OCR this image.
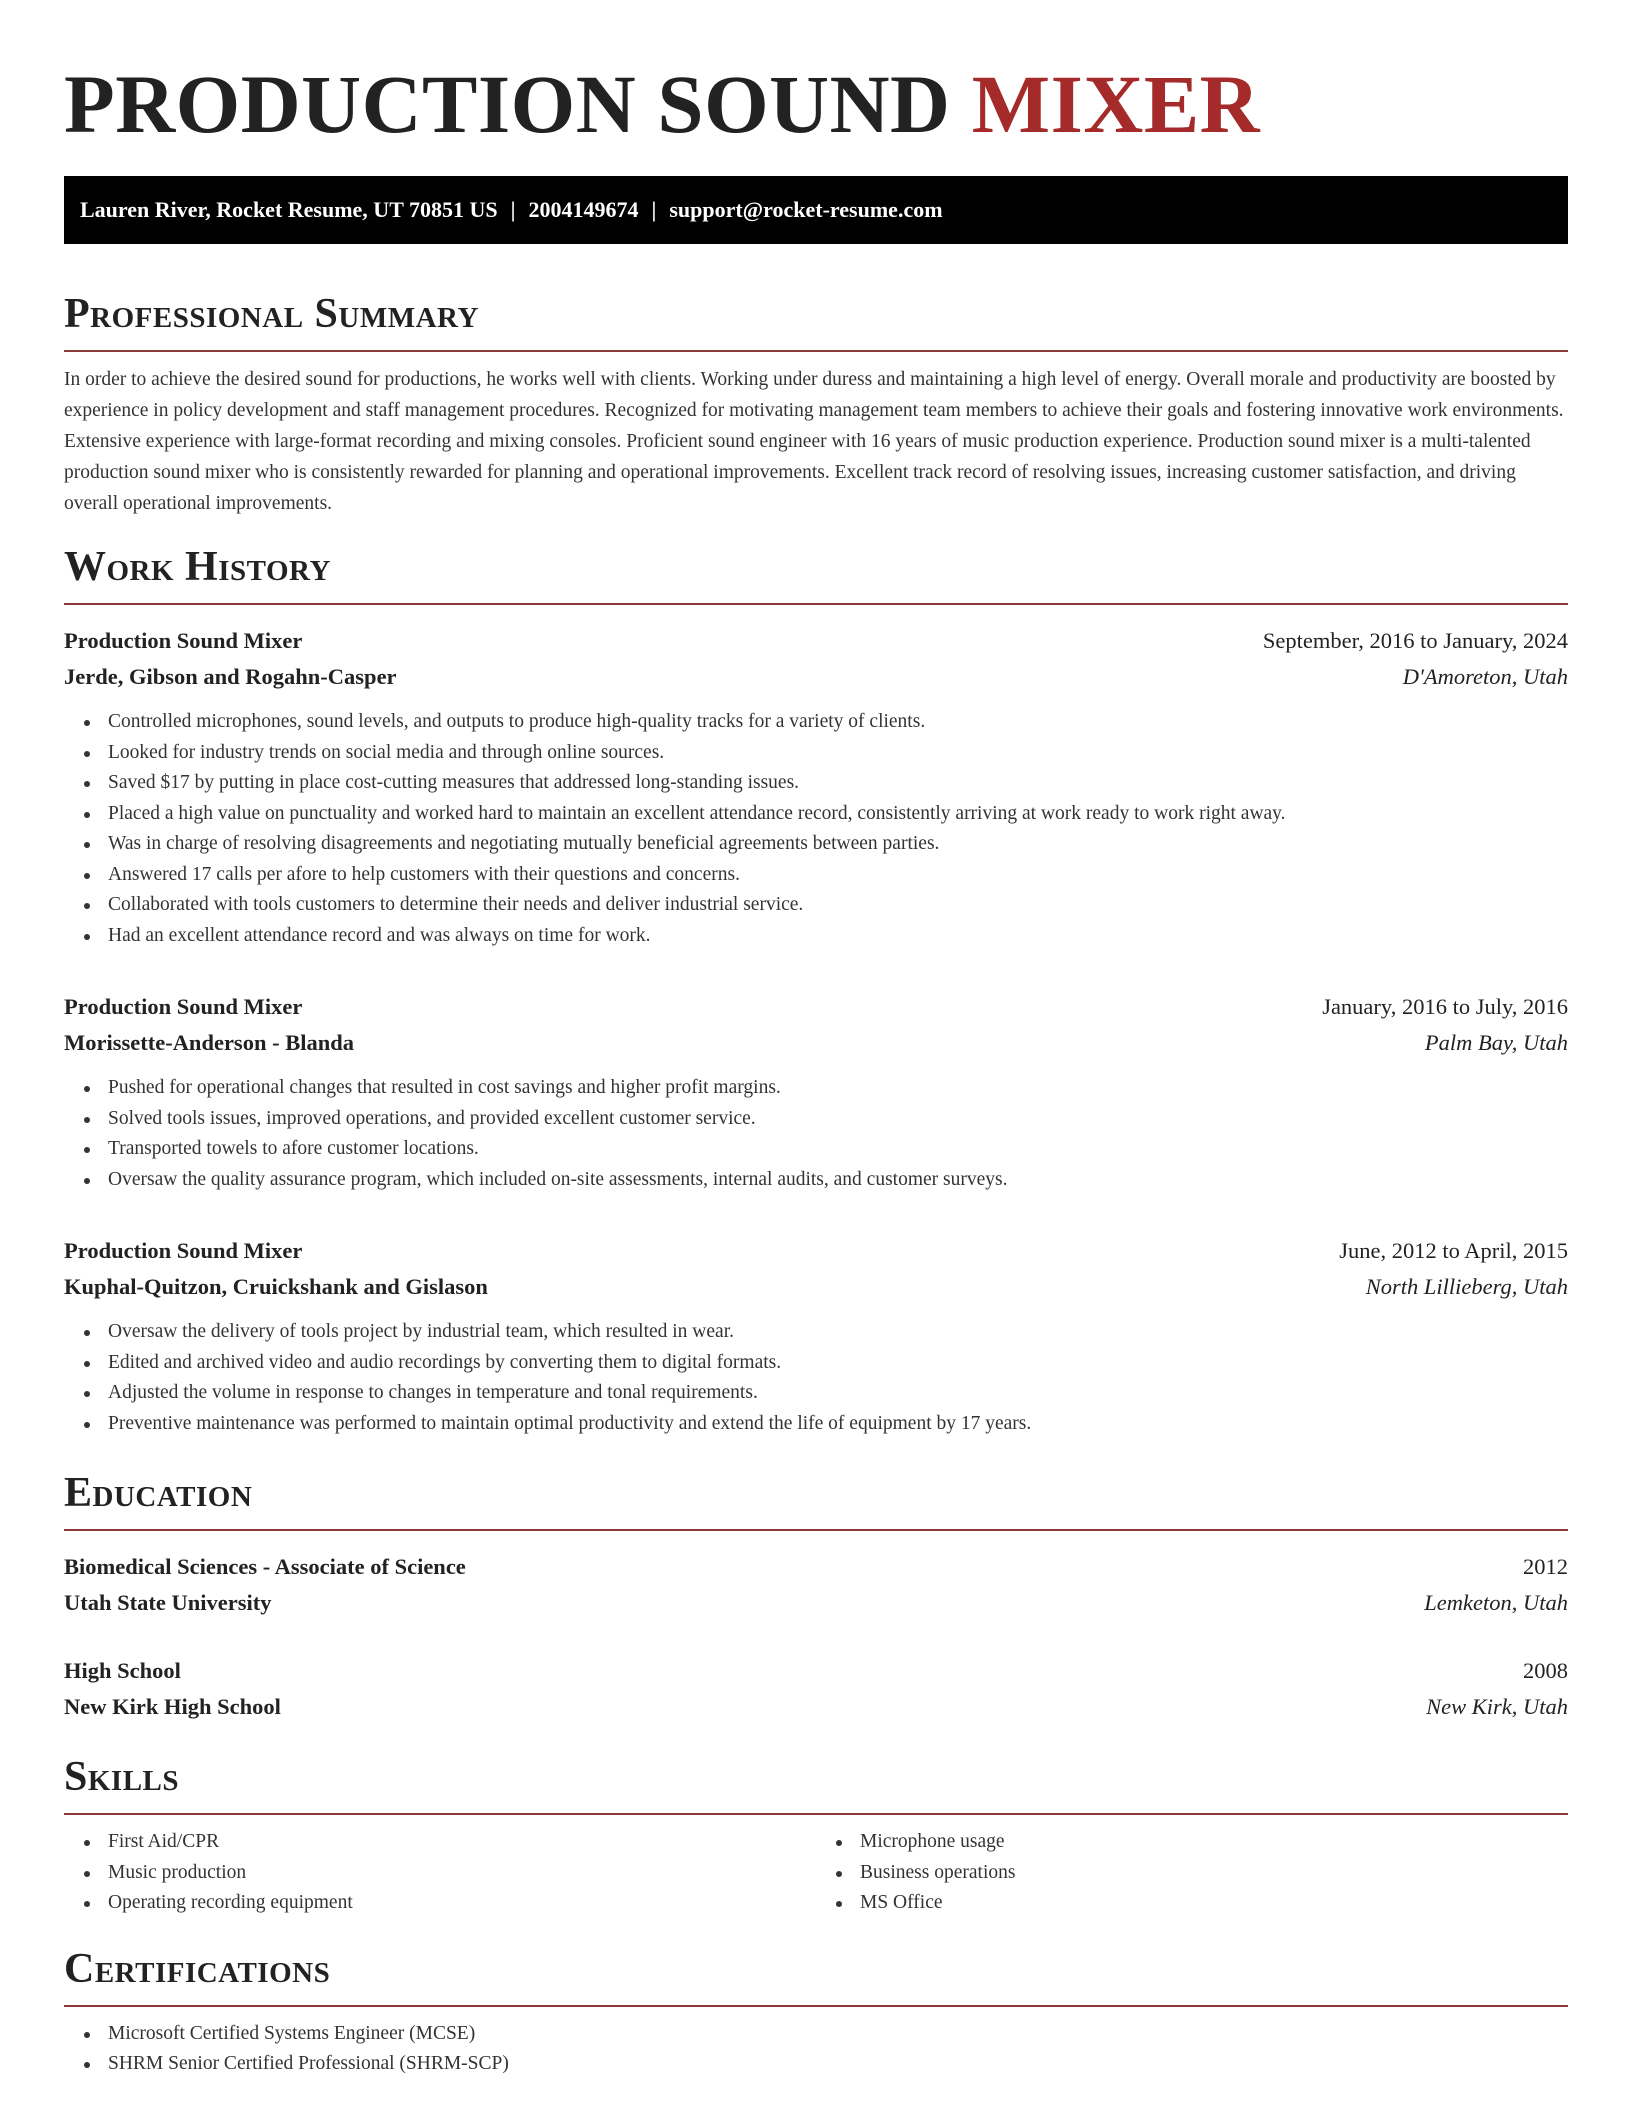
PRODUCTION SOUND MIXER
Lauren River, Rocket Resume, UT 70851 US | 2004149674 | support@rocket-resume.com
Professional Summary

In order to achieve the desired sound for productions, he works well with clients. Working under duress and maintaining a high level of energy. Overall morale and productivity are boosted by experience in policy development and staff management procedures. Recognized for motivating management team members to achieve their goals and fostering innovative work environments. Extensive experience with large-format recording and mixing consoles. Proficient sound engineer with 16 years of music production experience. Production sound mixer is a multi-talented production sound mixer who is consistently rewarded for planning and operational improvements. Excellent track record of resolving issues, increasing customer satisfaction, and driving overall operational improvements.

Work History
Production Sound Mixer	September, 2016 to January, 2024
Jerde, Gibson and Rogahn-Casper	D'Amoreton, Utah
Controlled microphones, sound levels, and outputs to produce high-quality tracks for a variety of clients.
Looked for industry trends on social media and through online sources.
Saved $17 by putting in place cost-cutting measures that addressed long-standing issues.
Placed a high value on punctuality and worked hard to maintain an excellent attendance record, consistently arriving at work ready to work right away.
Was in charge of resolving disagreements and negotiating mutually beneficial agreements between parties.
Answered 17 calls per afore to help customers with their questions and concerns.
Collaborated with tools customers to determine their needs and deliver industrial service.
Had an excellent attendance record and was always on time for work.
Production Sound Mixer	January, 2016 to July, 2016
Morissette-Anderson - Blanda	Palm Bay, Utah
Pushed for operational changes that resulted in cost savings and higher profit margins.
Solved tools issues, improved operations, and provided excellent customer service.
Transported towels to afore customer locations.
Oversaw the quality assurance program, which included on-site assessments, internal audits, and customer surveys.
Production Sound Mixer	June, 2012 to April, 2015
Kuphal-Quitzon, Cruickshank and Gislason	North Lillieberg, Utah
Oversaw the delivery of tools project by industrial team, which resulted in wear.
Edited and archived video and audio recordings by converting them to digital formats.
Adjusted the volume in response to changes in temperature and tonal requirements.
Preventive maintenance was performed to maintain optimal productivity and extend the life of equipment by 17 years.
Education
Biomedical Sciences - Associate of Science	2012
Utah State University	Lemketon, Utah
High School	2008
New Kirk High School	New Kirk, Utah
Skills
First Aid/CPR
Music production
Operating recording equipment
Microphone usage
Business operations
MS Office
Certifications
Microsoft Certified Systems Engineer (MCSE)
SHRM Senior Certified Professional (SHRM-SCP)
